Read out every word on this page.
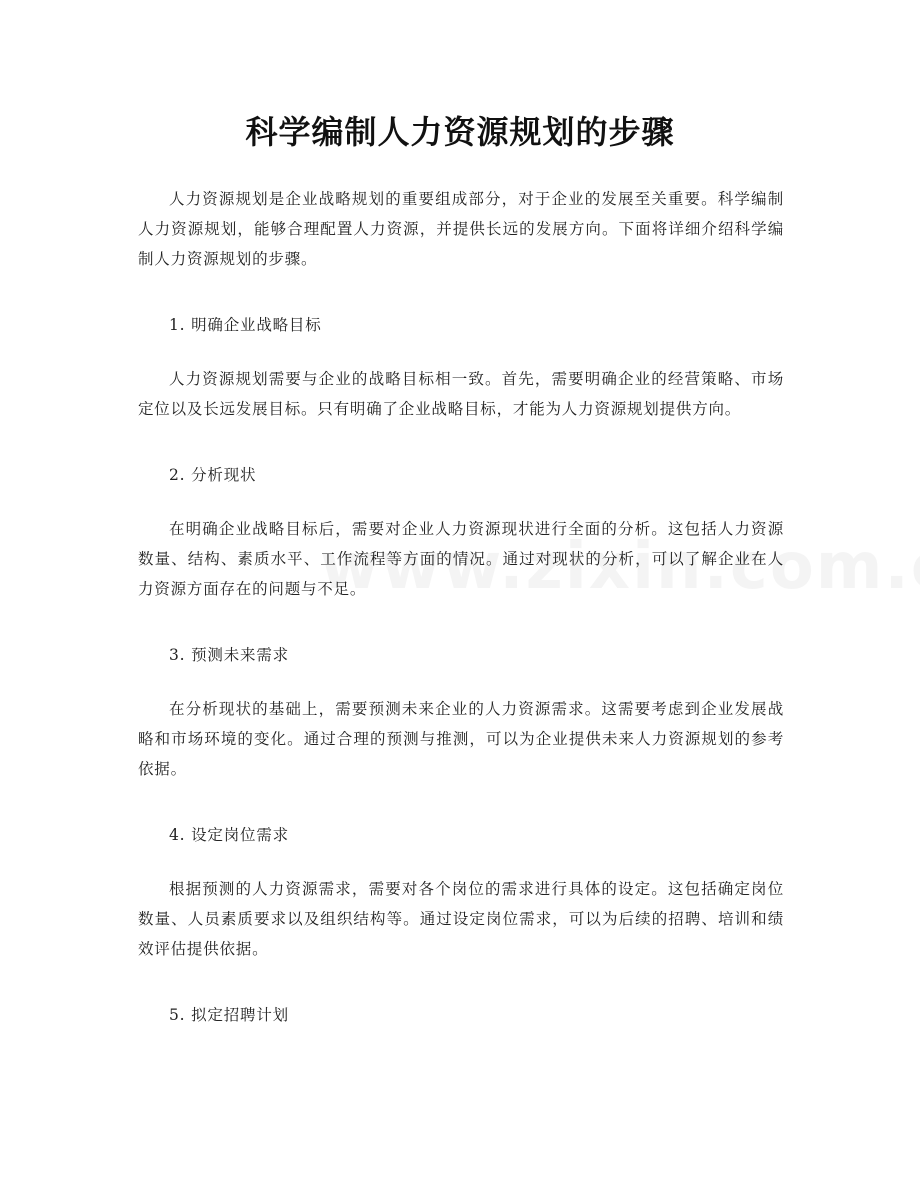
科学编制人力资源规划的步骤

人力资源规划是企业战略规划的重要组成部分，对于企业的发展至关重要。科学编制人力资源规划，能够合理配置人力资源，并提供长远的发展方向。下面将详细介绍科学编制人力资源规划的步骤。

1. 明确企业战略目标

人力资源规划需要与企业的战略目标相一致。首先，需要明确企业的经营策略、市场定位以及长远发展目标。只有明确了企业战略目标，才能为人力资源规划提供方向。

2. 分析现状

在明确企业战略目标后，需要对企业人力资源现状进行全面的分析。这包括人力资源数量、结构、素质水平、工作流程等方面的情况。通过对现状的分析，可以了解企业在人力资源方面存在的问题与不足。

3. 预测未来需求

在分析现状的基础上，需要预测未来企业的人力资源需求。这需要考虑到企业发展战略和市场环境的变化。通过合理的预测与推测，可以为企业提供未来人力资源规划的参考依据。

4. 设定岗位需求

根据预测的人力资源需求，需要对各个岗位的需求进行具体的设定。这包括确定岗位数量、人员素质要求以及组织结构等。通过设定岗位需求，可以为后续的招聘、培训和绩效评估提供依据。

5. 拟定招聘计划
